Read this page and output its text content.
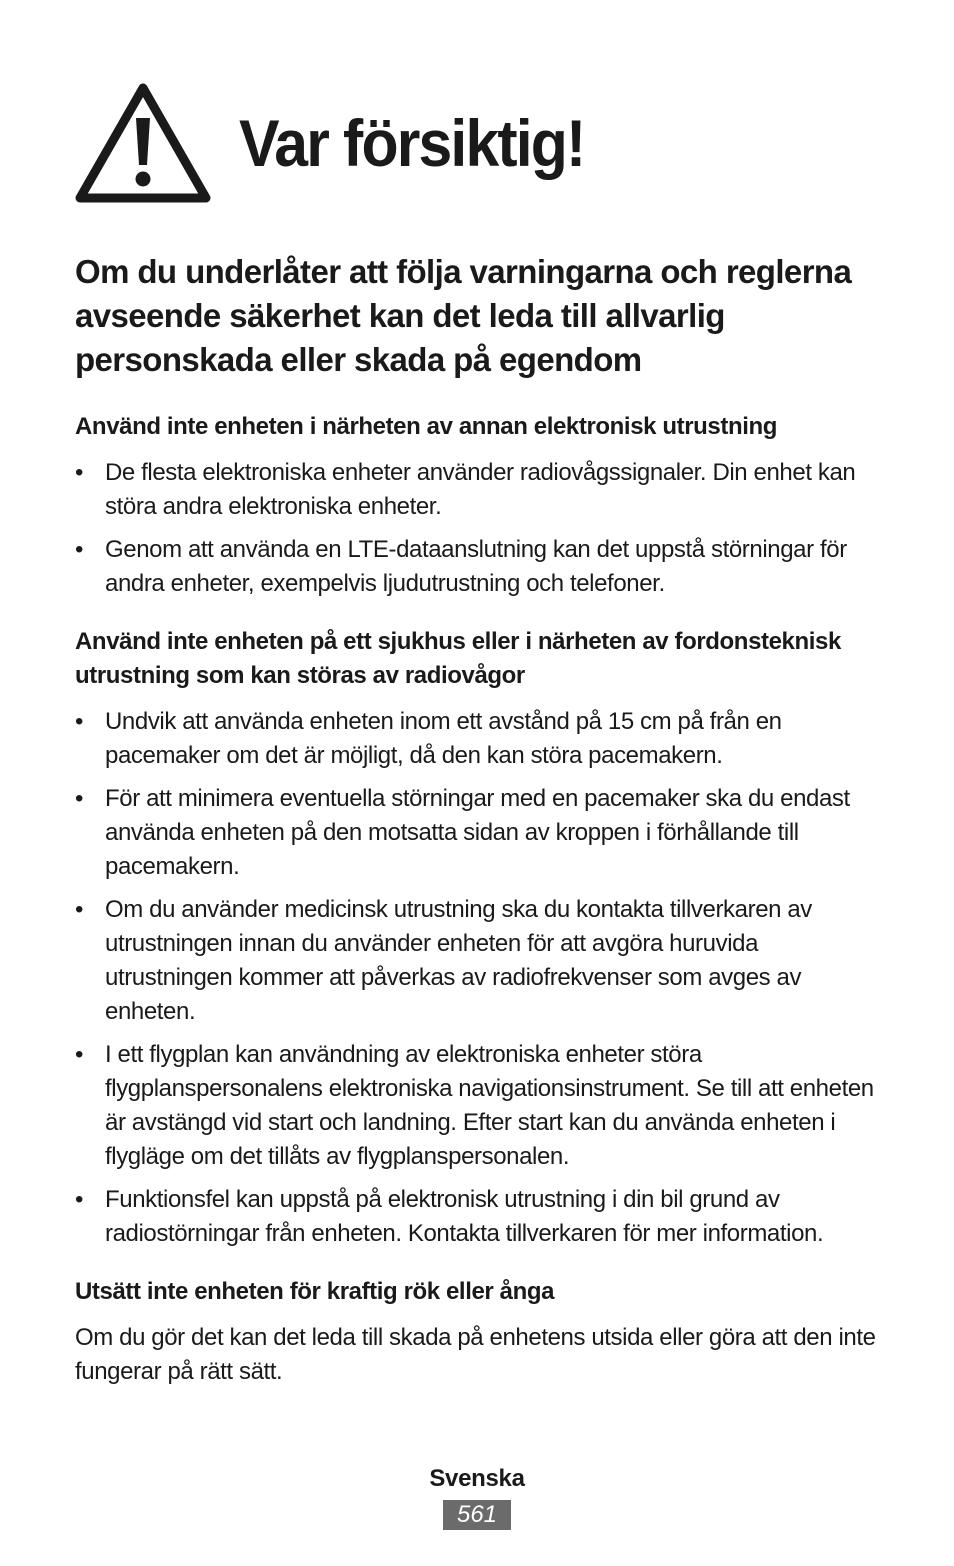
Var försiktig!
Om du underlåter att följa varningarna och reglerna avseende säkerhet kan det leda till allvarlig personskada eller skada på egendom
Använd inte enheten i närheten av annan elektronisk utrustning
• De flesta elektroniska enheter använder radiovågssignaler. Din enhet kan störa andra elektroniska enheter.
• Genom att använda en LTE-dataanslutning kan det uppstå störningar för andra enheter, exempelvis ljudutrustning och telefoner.
Använd inte enheten på ett sjukhus eller i närheten av fordonsteknisk utrustning som kan störas av radiovågor
• Undvik att använda enheten inom ett avstånd på 15 cm på från en pacemaker om det är möjligt, då den kan störa pacemakern.
• För att minimera eventuella störningar med en pacemaker ska du endast använda enheten på den motsatta sidan av kroppen i förhållande till pacemakern.
• Om du använder medicinsk utrustning ska du kontakta tillverkaren av utrustningen innan du använder enheten för att avgöra huruvida utrustningen kommer att påverkas av radiofrekvenser som avges av enheten.
• I ett flygplan kan användning av elektroniska enheter störa flygplanspersonalens elektroniska navigationsinstrument. Se till att enheten är avstängd vid start och landning. Efter start kan du använda enheten i flygläge om det tillåts av flygplanspersonalen.
• Funktionsfel kan uppstå på elektronisk utrustning i din bil grund av radiostörningar från enheten. Kontakta tillverkaren för mer information.
Utsätt inte enheten för kraftig rök eller ånga

Om du gör det kan det leda till skada på enhetens utsida eller göra att den inte fungerar på rätt sätt.

Svenska
561
